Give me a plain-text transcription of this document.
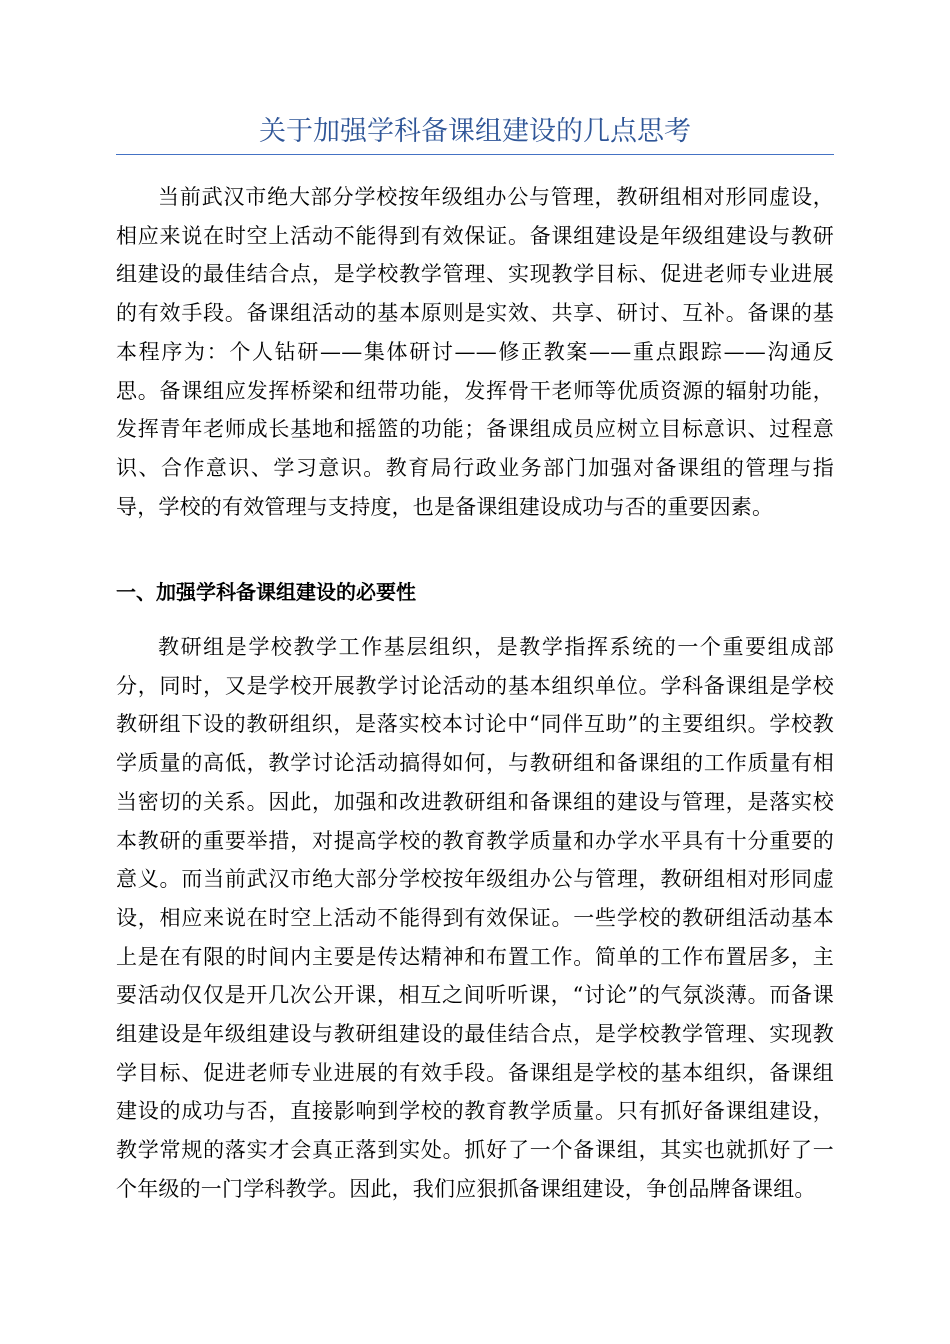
关于加强学科备课组建设的几点思考

当前武汉市绝大部分学校按年级组办公与管理，教研组相对形同虚设，相应来说在时空上活动不能得到有效保证。备课组建设是年级组建设与教研组建设的最佳结合点，是学校教学管理、实现教学目标、促进老师专业进展的有效手段。备课组活动的基本原则是实效、共享、研讨、互补。备课的基本程序为：个人钻研——集体研讨——修正教案——重点跟踪——沟通反思。备课组应发挥桥梁和纽带功能，发挥骨干老师等优质资源的辐射功能，发挥青年老师成长基地和摇篮的功能；备课组成员应树立目标意识、过程意识、合作意识、学习意识。教育局行政业务部门加强对备课组的管理与指导，学校的有效管理与支持度，也是备课组建设成功与否的重要因素。

一、加强学科备课组建设的必要性

教研组是学校教学工作基层组织，是教学指挥系统的一个重要组成部分，同时，又是学校开展教学讨论活动的基本组织单位。学科备课组是学校教研组下设的教研组织，是落实校本讨论中“同伴互助”的主要组织。学校教学质量的高低，教学讨论活动搞得如何，与教研组和备课组的工作质量有相当密切的关系。因此，加强和改进教研组和备课组的建设与管理，是落实校本教研的重要举措，对提高学校的教育教学质量和办学水平具有十分重要的意义。而当前武汉市绝大部分学校按年级组办公与管理，教研组相对形同虚设，相应来说在时空上活动不能得到有效保证。一些学校的教研组活动基本上是在有限的时间内主要是传达精神和布置工作。简单的工作布置居多，主要活动仅仅是开几次公开课，相互之间听听课，“讨论”的气氛淡薄。而备课组建设是年级组建设与教研组建设的最佳结合点，是学校教学管理、实现教学目标、促进老师专业进展的有效手段。备课组是学校的基本组织，备课组建设的成功与否，直接影响到学校的教育教学质量。只有抓好备课组建设，教学常规的落实才会真正落到实处。抓好了一个备课组，其实也就抓好了一个年级的一门学科教学。因此，我们应狠抓备课组建设，争创品牌备课组。
